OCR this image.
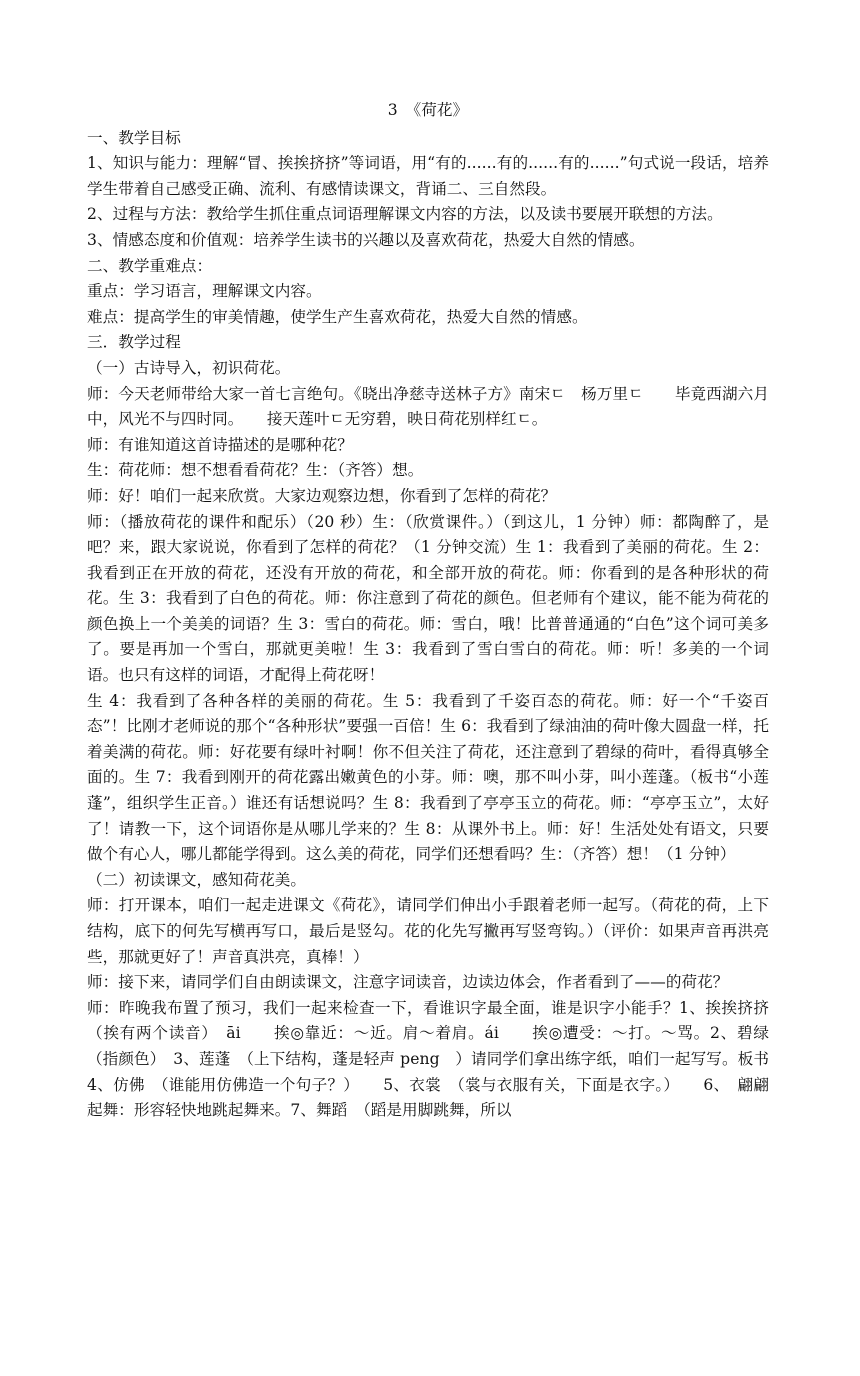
3　《荷花》

一、教学目标

1、知识与能力：理解“冒、挨挨挤挤”等词语，用“有的......有的......有的......”句式说一段话，培养学生带着自己感受正确、流利、有感情读课文，背诵二、三自然段。

2、过程与方法：教给学生抓住重点词语理解课文内容的方法，以及读书要展开联想的方法。

3、情感态度和价值观：培养学生读书的兴趣以及喜欢荷花，热爱大自然的情感。

二、教学重难点：

重点：学习语言，理解课文内容。

难点：提高学生的审美情趣，使学生产生喜欢荷花，热爱大自然的情感。

三．教学过程

（一）古诗导入，初识荷花。

师：今天老师带给大家一首七言绝句。《晓出净慈寺送林子方》南宋ㄷ　杨万里ㄷ　　毕竟西湖六月中，风光不与四时同。　　接天莲叶ㄷ无穷碧，映日荷花别样红ㄷ。

师：有谁知道这首诗描述的是哪种花？

生：荷花师：想不想看看荷花？生：（齐答）想。

师：好！咱们一起来欣赏。大家边观察边想，你看到了怎样的荷花？

师：（播放荷花的课件和配乐）（20 秒）生：（欣赏课件。）（到这儿，1 分钟）师：都陶醉了，是吧？来，跟大家说说，你看到了怎样的荷花？（1 分钟交流）生 1：我看到了美丽的荷花。生 2：我看到正在开放的荷花，还没有开放的荷花，和全部开放的荷花。师：你看到的是各种形状的荷花。生 3：我看到了白色的荷花。师：你注意到了荷花的颜色。但老师有个建议，能不能为荷花的颜色换上一个美美的词语？生 3：雪白的荷花。师：雪白，哦！比普普通通的“白色”这个词可美多了。要是再加一个雪白，那就更美啦！生 3：我看到了雪白雪白的荷花。师：听！多美的一个词语。也只有这样的词语，才配得上荷花呀！

生 4：我看到了各种各样的美丽的荷花。生 5：我看到了千姿百态的荷花。师：好一个“千姿百态”！比刚才老师说的那个“各种形状”要强一百倍！生 6：我看到了绿油油的荷叶像大圆盘一样，托着美满的荷花。师：好花要有绿叶衬啊！你不但关注了荷花，还注意到了碧绿的荷叶，看得真够全面的。生 7：我看到刚开的荷花露出嫩黄色的小芽。师：噢，那不叫小芽，叫小莲蓬。（板书“小莲蓬”，组织学生正音。）谁还有话想说吗？生 8：我看到了亭亭玉立的荷花。师：“亭亭玉立”，太好了！请教一下，这个词语你是从哪儿学来的？生 8：从课外书上。师：好！生活处处有语文，只要做个有心人，哪儿都能学得到。这么美的荷花，同学们还想看吗？生：（齐答）想！（1 分钟）

（二）初读课文，感知荷花美。

师：打开课本，咱们一起走进课文《荷花》，请同学们伸出小手跟着老师一起写。（荷花的荷，上下结构，底下的何先写横再写口，最后是竖勾。花的化先写撇再写竖弯钩。）（评价：如果声音再洪亮些，那就更好了！声音真洪亮，真棒！）

师：接下来，请同学们自由朗读课文，注意字词读音，边读边体会，作者看到了——的荷花？

师：昨晚我布置了预习，我们一起来检查一下，看谁识字最全面，谁是识字小能手？1、挨挨挤挤（挨有两个读音）　āi　　挨◎靠近：～近。肩～着肩。ái　　挨◎遭受：～打。～骂。2、碧绿（指颜色）　3、莲蓬　（上下结构，蓬是轻声 peng　）请同学们拿出练字纸，咱们一起写写。板书 4、仿佛　（谁能用仿佛造一个句子？）　　5、衣裳　（裳与衣服有关，下面是衣字。）　　6、　翩翩起舞：形容轻快地跳起舞来。7、舞蹈　（蹈是用脚跳舞，所以
